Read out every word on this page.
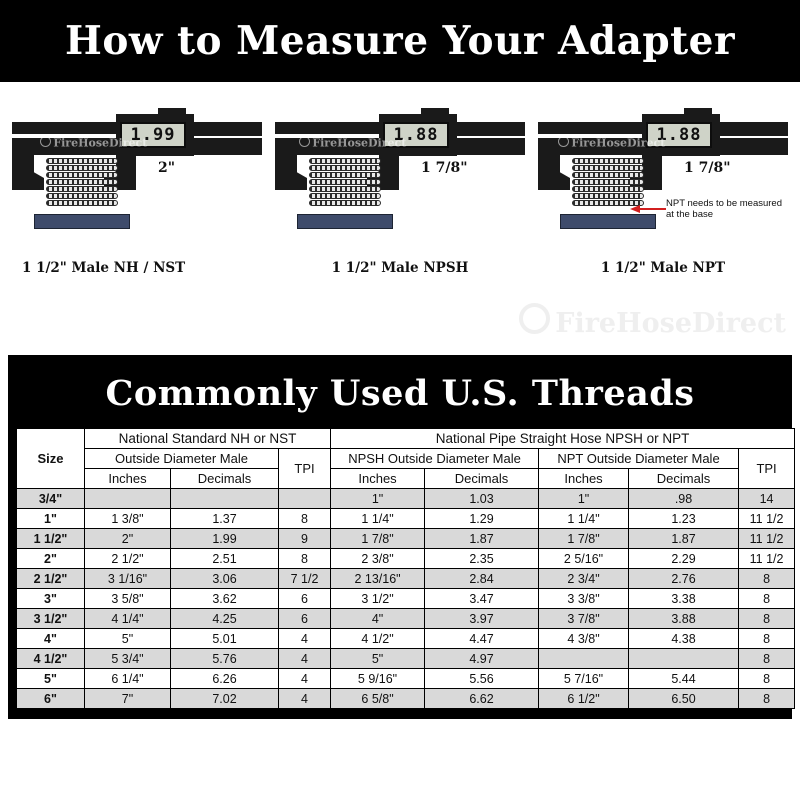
How to Measure Your Adapter
1.99
2"
FireHoseDirect
1 1/2" Male NH / NST
1.88
1 7/8"
FireHoseDirect
1 1/2" Male NPSH
1.88
1 7/8"
NPT needs to be measured at the base
FireHoseDirect
1 1/2" Male NPT
FireHoseDirect
Commonly Used U.S. Threads
Size	National Standard NH or NST			National Pipe Straight Hose NPSH or NPT				
	Outside Diameter Male		TPI	NPSH Outside Diameter Male		NPT Outside Diameter Male		TPI
	Inches	Decimals		Inches	Decimals	Inches	Decimals	
3/4"				1"	1.03	1"	.98	14
1"	1 3/8"	1.37	8	1 1/4"	1.29	1 1/4"	1.23	11 1/2
1 1/2"	2"	1.99	9	1 7/8"	1.87	1 7/8"	1.87	11 1/2
2"	2 1/2"	2.51	8	2 3/8"	2.35	2 5/16"	2.29	11 1/2
2 1/2"	3 1/16"	3.06	7 1/2	2 13/16"	2.84	2 3/4"	2.76	8
3"	3 5/8"	3.62	6	3 1/2"	3.47	3 3/8"	3.38	8
3 1/2"	4 1/4"	4.25	6	4"	3.97	3 7/8"	3.88	8
4"	5"	5.01	4	4 1/2"	4.47	4 3/8"	4.38	8
4 1/2"	5 3/4"	5.76	4	5"	4.97			8
5"	6 1/4"	6.26	4	5 9/16"	5.56	5 7/16"	5.44	8
6"	7"	7.02	4	6 5/8"	6.62	6 1/2"	6.50	8
